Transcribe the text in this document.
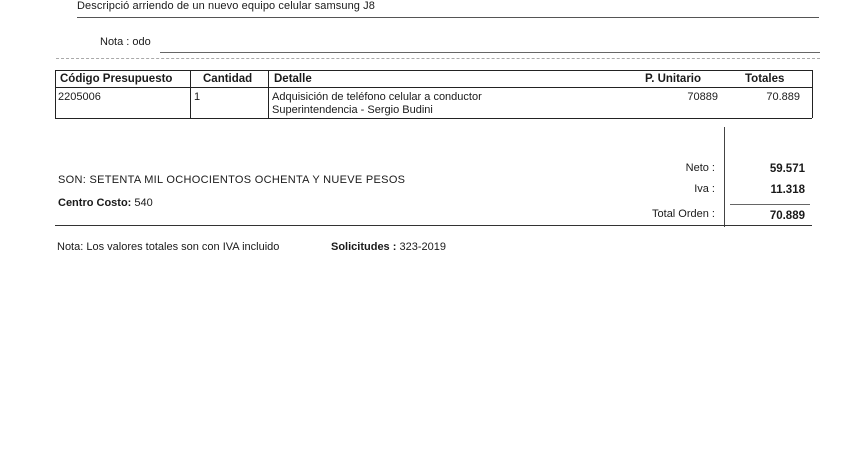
Descripció arriendo de un nuevo equipo celular samsung J8
Nota : odo
Código Presupuesto	Cantidad Detalle	P. Unitario	Totales
2205006	1	Adquisición de teléfono celular a conductor
Superintendencia - Sergio Budini
70889	70.889
Neto :	59.571
Iva :	11.318
Total Orden :	70.889
SON: SETENTA MIL OCHOCIENTOS OCHENTA Y NUEVE PESOS
Centro Costo: 540
Nota: Los valores totales son con IVA incluido	Solicitudes : 323-2019
